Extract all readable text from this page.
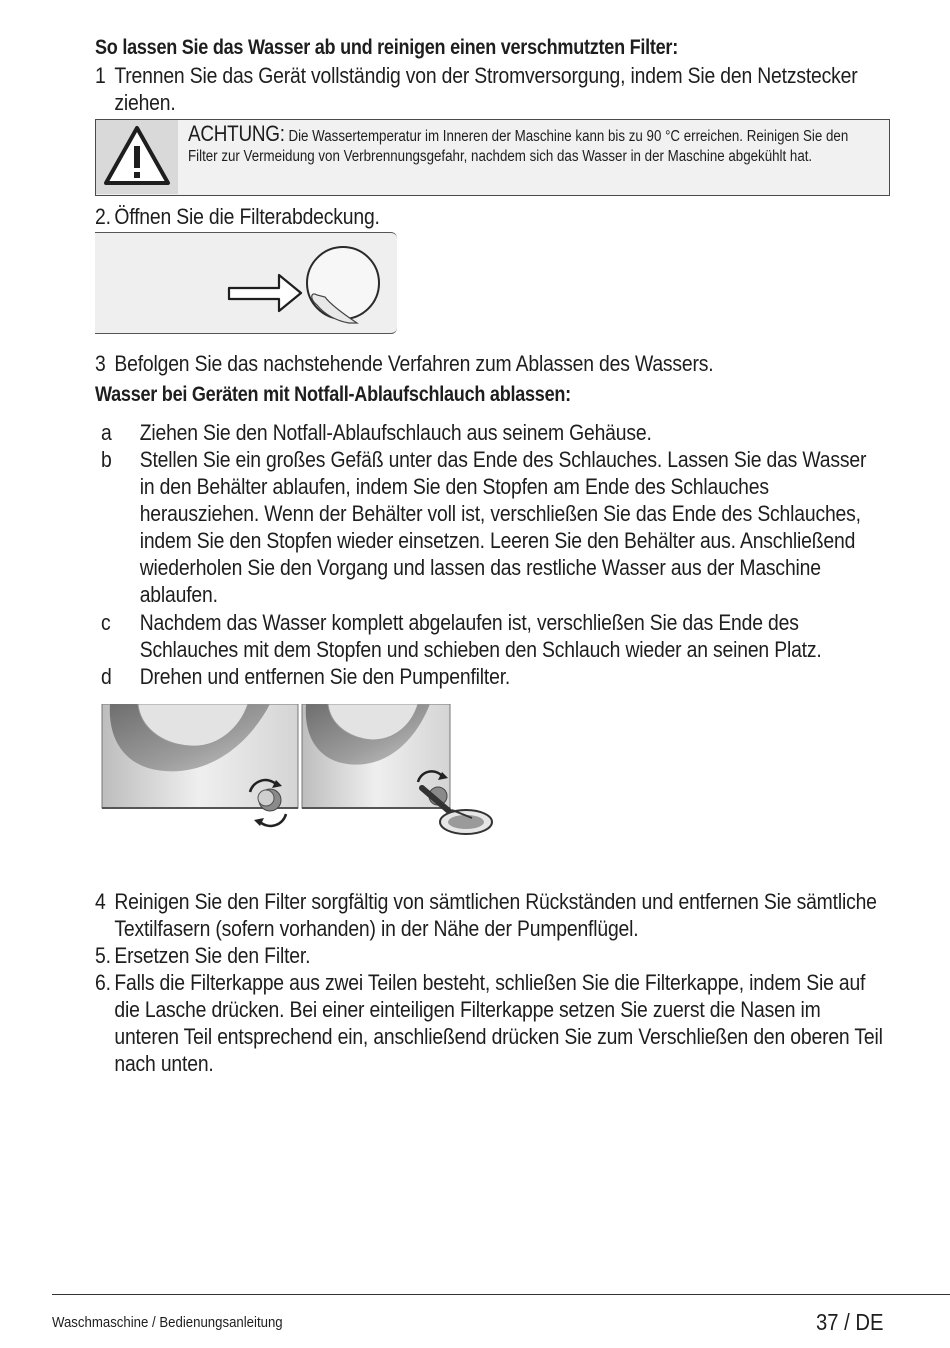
So lassen Sie das Wasser ab und reinigen einen verschmutzten Filter:
1 Trennen Sie das Gerät vollständig von der Stromversorgung, indem Sie den Netzstecker ziehen.
ACHTUNG: Die Wassertemperatur im Inneren der Maschine kann bis zu 90 °C erreichen. Reinigen Sie den Filter zur Vermeidung von Verbrennungsgefahr, nachdem sich das Wasser in der Maschine abgekühlt hat.
2. Öffnen Sie die Filterabdeckung.
3 Befolgen Sie das nachstehende Verfahren zum Ablassen des Wassers.
Wasser bei Geräten mit Notfall-Ablaufschlauch ablassen:
a Ziehen Sie den Notfall-Ablaufschlauch aus seinem Gehäuse.
b Stellen Sie ein großes Gefäß unter das Ende des Schlauches. Lassen Sie das Wasser in den Behälter ablaufen, indem Sie den Stopfen am Ende des Schlauches herausziehen. Wenn der Behälter voll ist, verschließen Sie das Ende des Schlauches, indem Sie den Stopfen wieder einsetzen. Leeren Sie den Behälter aus. Anschließend wiederholen Sie den Vorgang und lassen das restliche Wasser aus der Maschine ablaufen.
c Nachdem das Wasser komplett abgelaufen ist, verschließen Sie das Ende des Schlauches mit dem Stopfen und schieben den Schlauch wieder an seinen Platz.
d Drehen und entfernen Sie den Pumpenfilter.
4 Reinigen Sie den Filter sorgfältig von sämtlichen Rückständen und entfernen Sie sämtliche Textilfasern (sofern vorhanden) in der Nähe der Pumpenflügel.
5. Ersetzen Sie den Filter.
6. Falls die Filterkappe aus zwei Teilen besteht, schließen Sie die Filterkappe, indem Sie auf die Lasche drücken. Bei einer einteiligen Filterkappe setzen Sie zuerst die Nasen im unteren Teil entsprechend ein, anschließend drücken Sie zum Verschließen den oberen Teil nach unten.
Waschmaschine / Bedienungsanleitung	37 / DE
